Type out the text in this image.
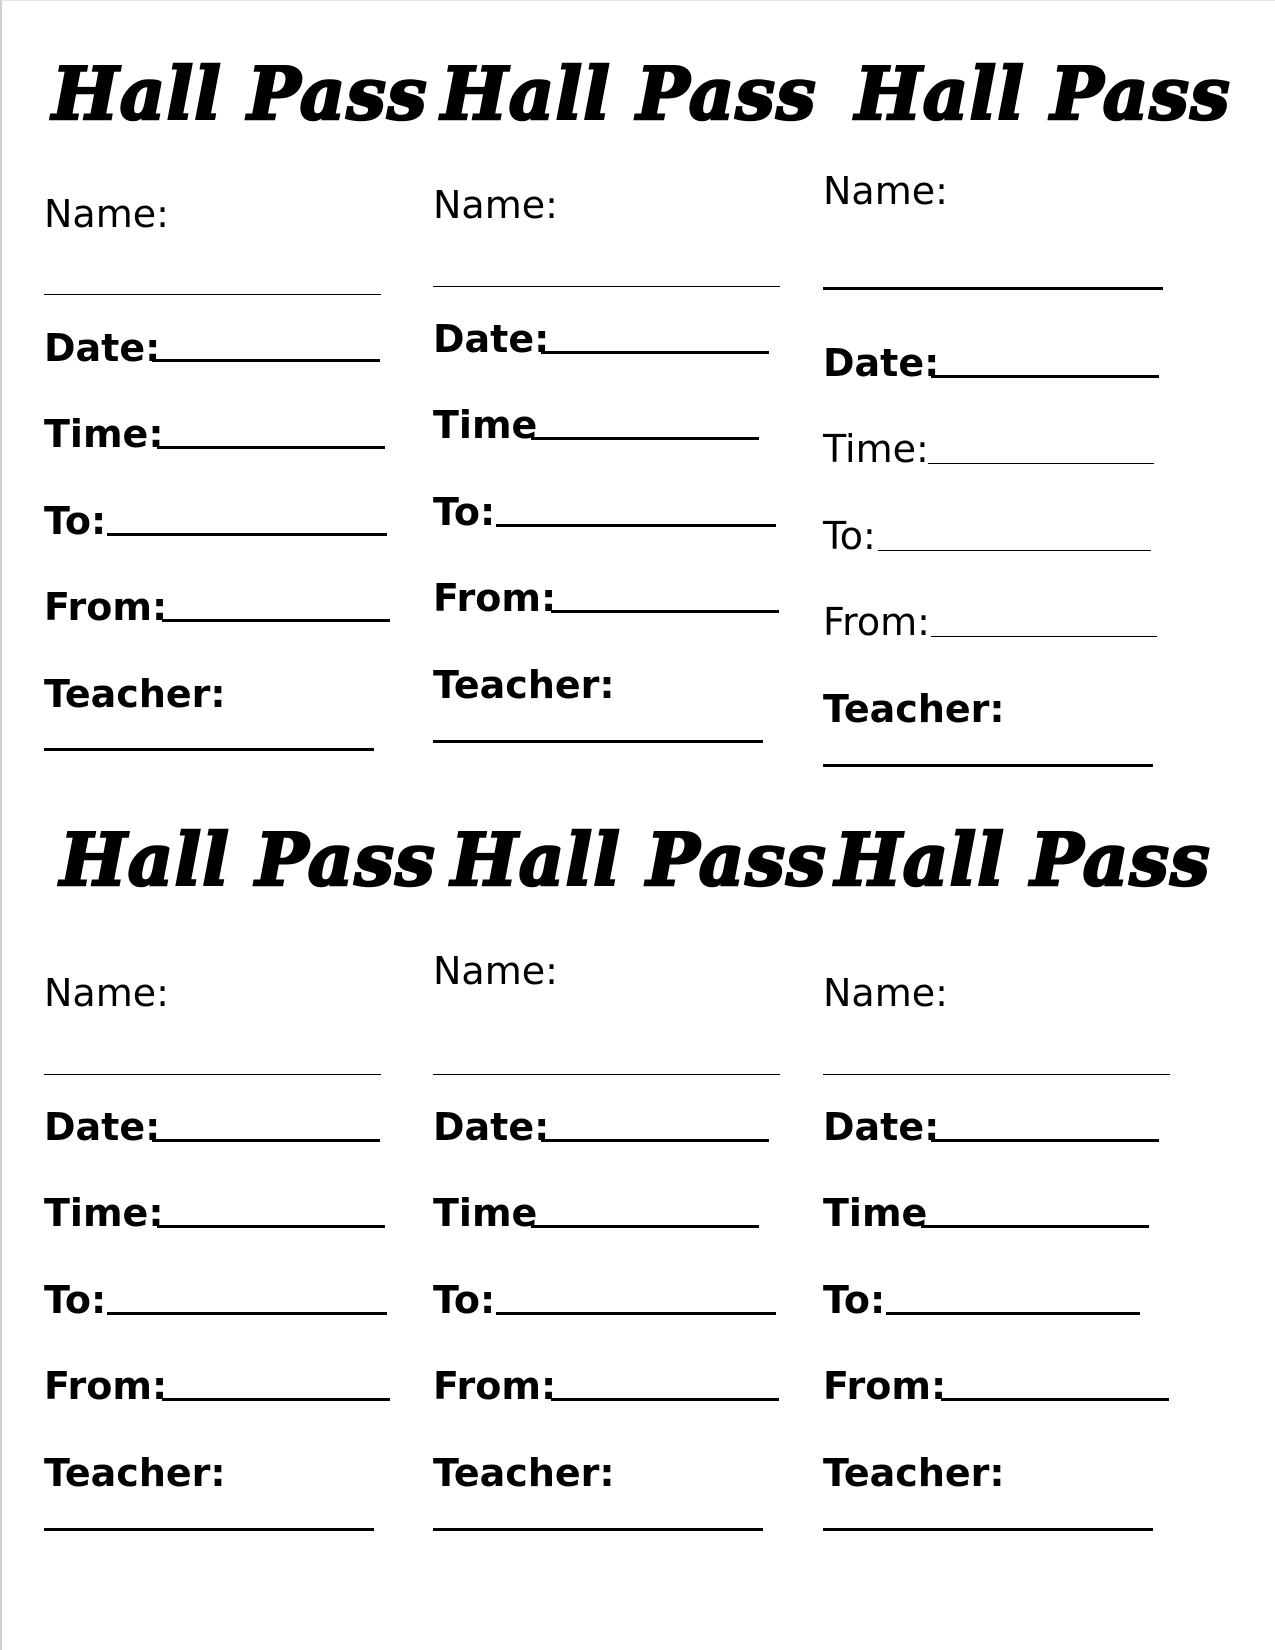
Hall Pass
Name:
Date:
Time:
To:
From:
Teacher:
Hall Pass
Name:
Date:
Time
To:
From:
Teacher:
Hall Pass
Name:
Date:
Time:
To:
From:
Teacher:
Hall Pass
Name:
Date:
Time:
To:
From:
Teacher:
Hall Pass
Name:
Date:
Time
To:
From:
Teacher:
Hall Pass
Name:
Date:
Time
To:
From:
Teacher:
